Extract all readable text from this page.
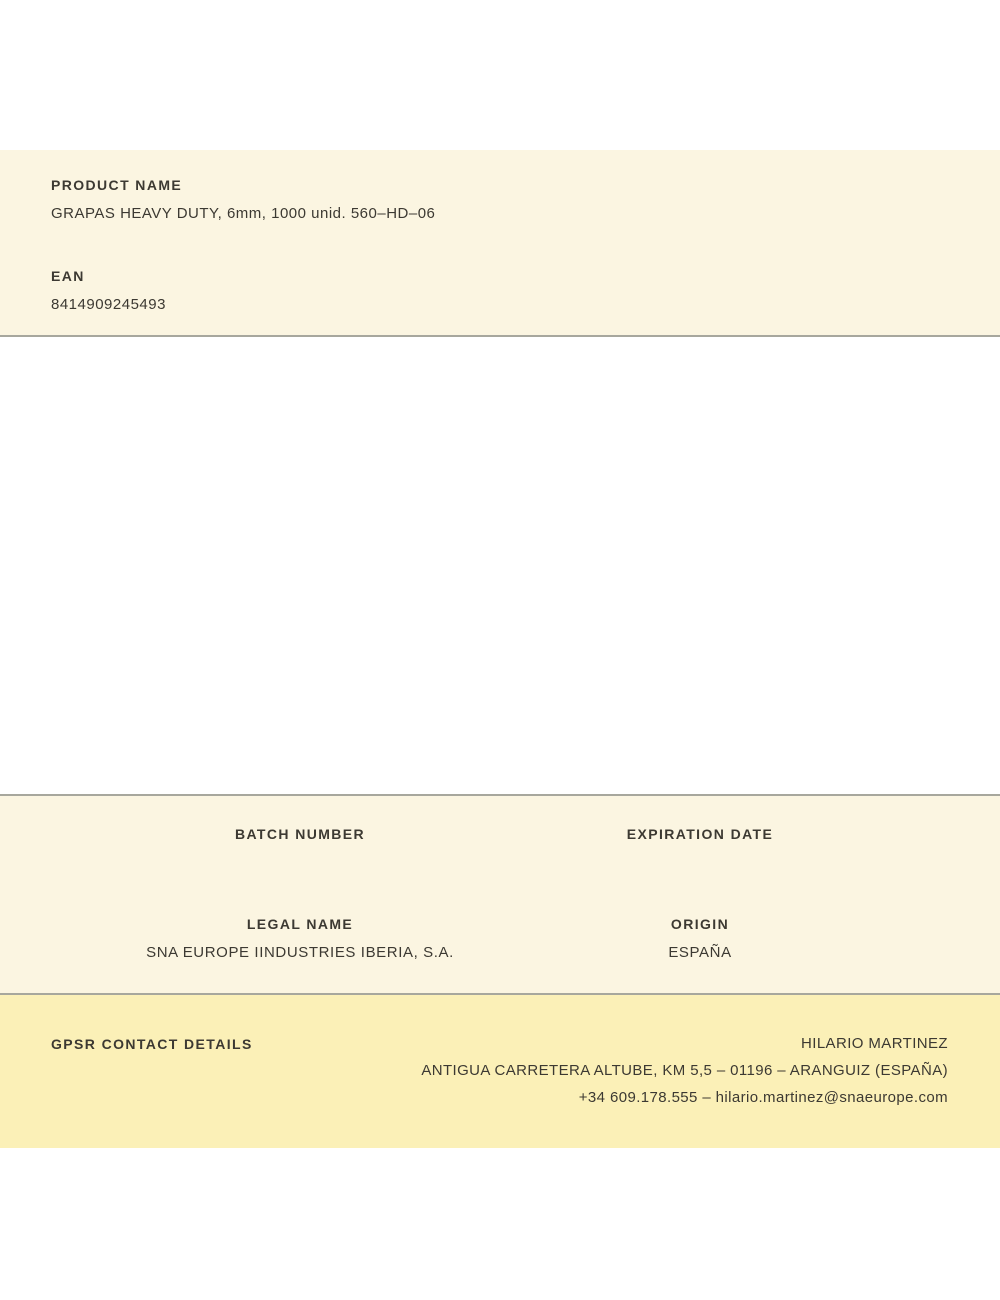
PRODUCT NAME
GRAPAS HEAVY DUTY, 6mm, 1000 unid. 560–HD–06
EAN
8414909245493
BATCH NUMBER	EXPIRATION DATE
LEGAL NAME
SNA EUROPE IINDUSTRIES IBERIA, S.A.
ORIGIN
ESPAÑA
GPSR CONTACT DETAILS	HILARIO MARTINEZ
ANTIGUA CARRETERA ALTUBE, KM 5,5 – 01196 – ARANGUIZ (ESPAÑA)
+34 609.178.555 – hilario.martinez@snaeurope.com
